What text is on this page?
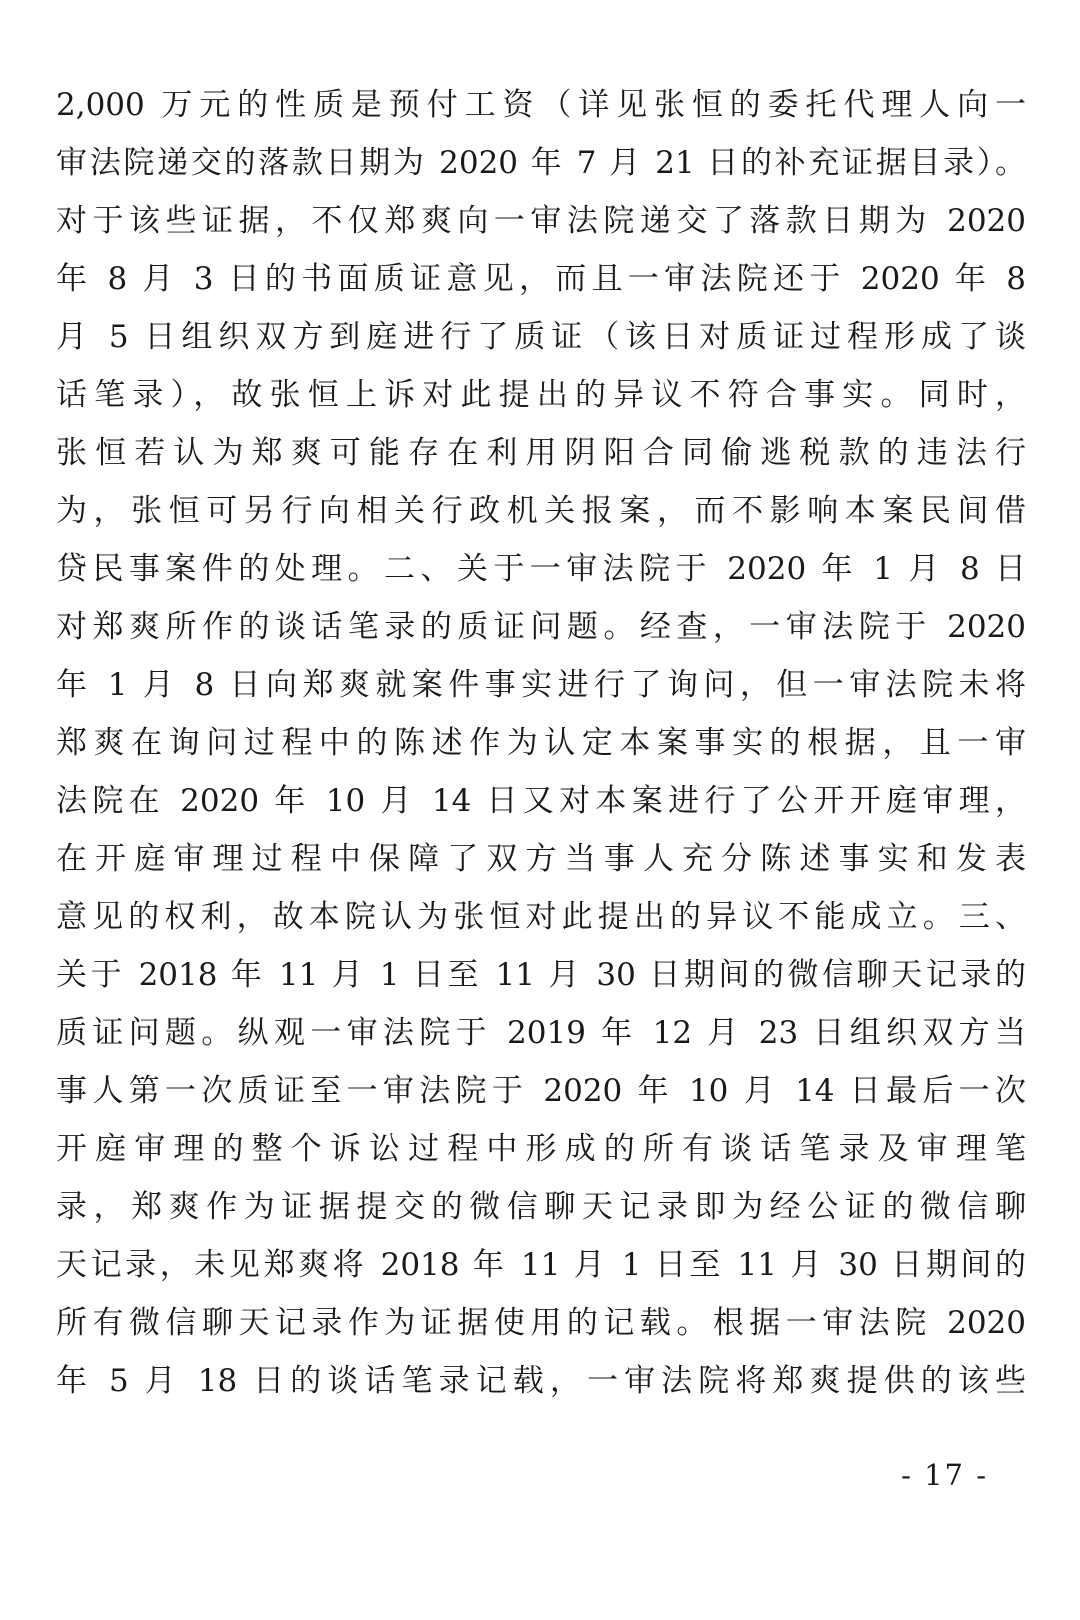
2,000 万元的性质是预付工资（详见张恒的委托代理人向一
审法院递交的落款日期为 2020 年 7 月 21 日的补充证据目录）。
对于该些证据，不仅郑爽向一审法院递交了落款日期为 2020
年 8 月 3 日的书面质证意见，而且一审法院还于 2020 年 8
月 5 日组织双方到庭进行了质证（该日对质证过程形成了谈
话笔录），故张恒上诉对此提出的异议不符合事实。同时，
张恒若认为郑爽可能存在利用阴阳合同偷逃税款的违法行
为，张恒可另行向相关行政机关报案，而不影响本案民间借
贷民事案件的处理。二、关于一审法院于 2020 年 1 月 8 日
对郑爽所作的谈话笔录的质证问题。经查，一审法院于 2020
年 1 月 8 日向郑爽就案件事实进行了询问，但一审法院未将
郑爽在询问过程中的陈述作为认定本案事实的根据，且一审
法院在 2020 年 10 月 14 日又对本案进行了公开开庭审理，
在开庭审理过程中保障了双方当事人充分陈述事实和发表
意见的权利，故本院认为张恒对此提出的异议不能成立。三、
关于 2018 年 11 月 1 日至 11 月 30 日期间的微信聊天记录的
质证问题。纵观一审法院于 2019 年 12 月 23 日组织双方当
事人第一次质证至一审法院于 2020 年 10 月 14 日最后一次
开庭审理的整个诉讼过程中形成的所有谈话笔录及审理笔
录，郑爽作为证据提交的微信聊天记录即为经公证的微信聊
天记录，未见郑爽将 2018 年 11 月 1 日至 11 月 30 日期间的
所有微信聊天记录作为证据使用的记载。根据一审法院 2020
年 5 月 18 日的谈话笔录记载，一审法院将郑爽提供的该些
- 17 -
